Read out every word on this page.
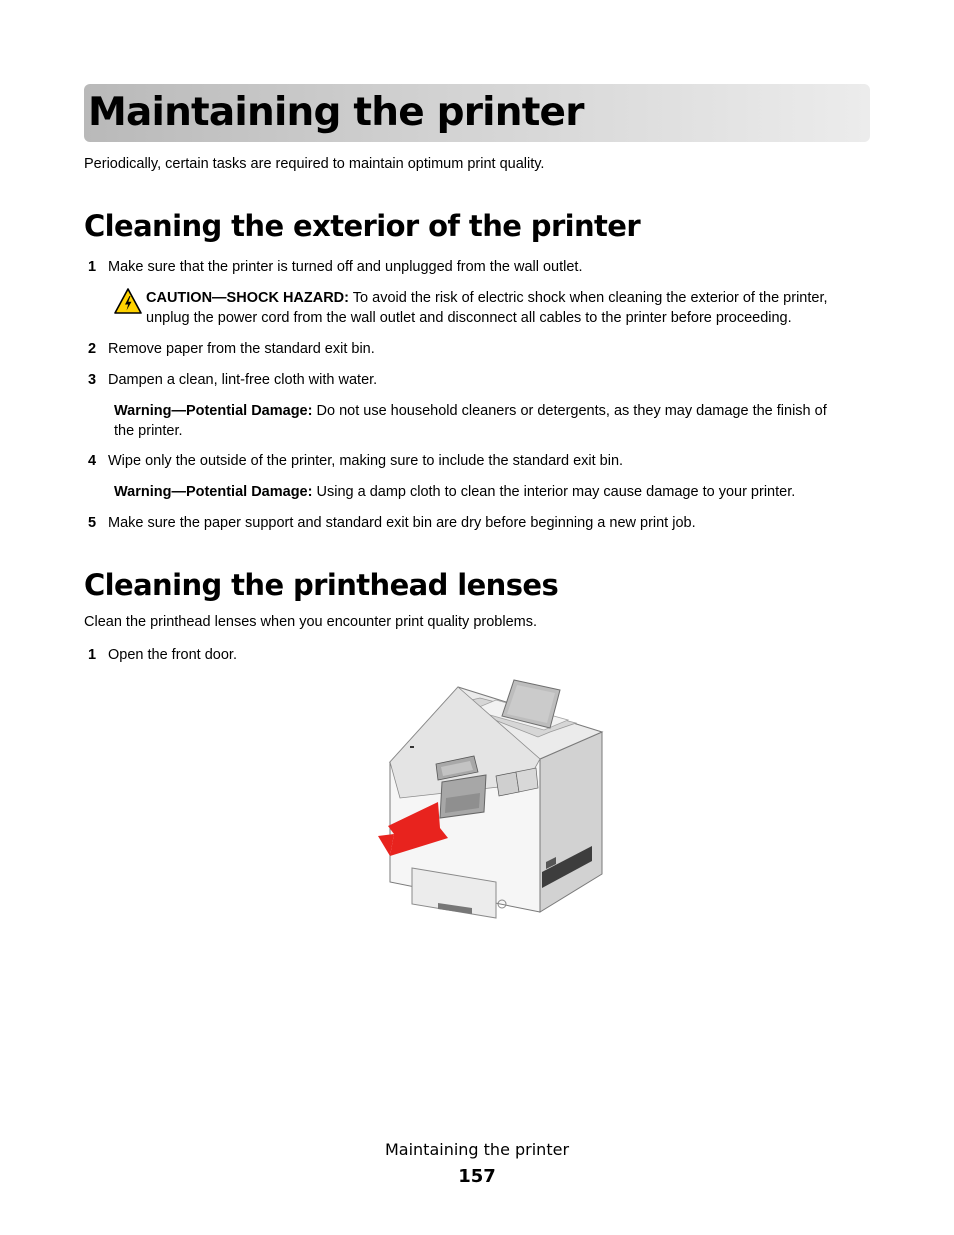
Maintaining the printer
Periodically, certain tasks are required to maintain optimum print quality.
Cleaning the exterior of the printer
1 Make sure that the printer is turned off and unplugged from the wall outlet.
CAUTION—SHOCK HAZARD: To avoid the risk of electric shock when cleaning the exterior of the printer,
unplug the power cord from the wall outlet and disconnect all cables to the printer before proceeding.
2 Remove paper from the standard exit bin.
3 Dampen a clean, lint-free cloth with water.
Warning—Potential Damage: Do not use household cleaners or detergents, as they may damage the finish of
the printer.
4 Wipe only the outside of the printer, making sure to include the standard exit bin.
Warning—Potential Damage: Using a damp cloth to clean the interior may cause damage to your printer.
5 Make sure the paper support and standard exit bin are dry before beginning a new print job.
Cleaning the printhead lenses
Clean the printhead lenses when you encounter print quality problems.
1 Open the front door.
Maintaining the printer
157
